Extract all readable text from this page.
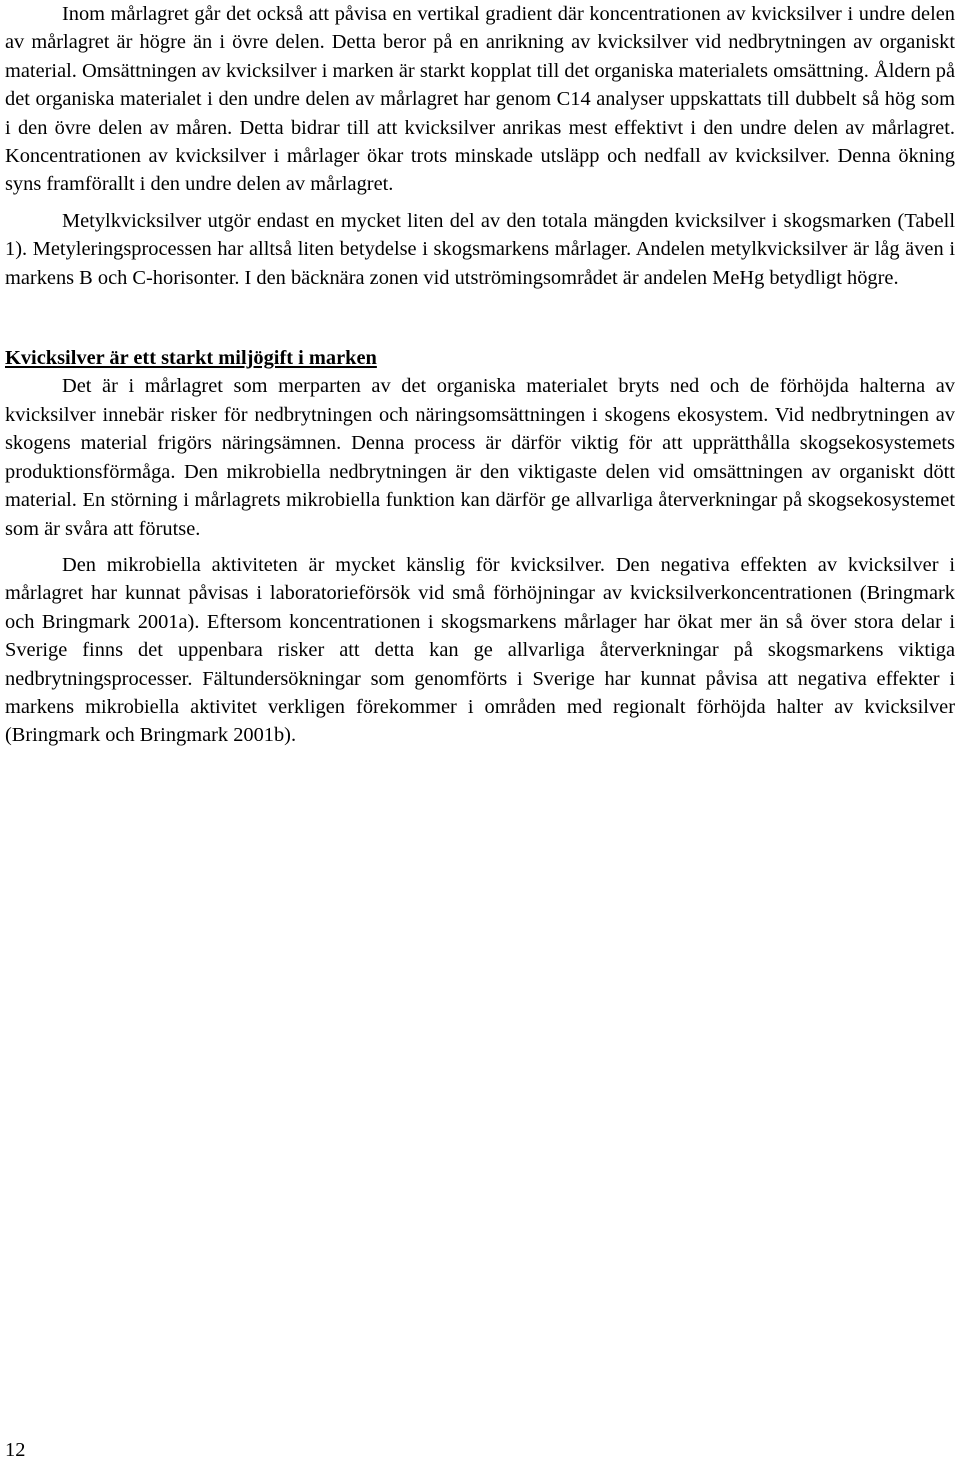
Inom mårlagret går det också att påvisa en vertikal gradient där koncentrationen av kvicksilver i undre delen av mårlagret är högre än i övre delen. Detta beror på en anrikning av kvicksilver vid nedbrytningen av organiskt material. Omsättningen av kvicksilver i marken är starkt kopplat till det organiska materialets omsättning. Åldern på det organiska materialet i den undre delen av mårlagret har genom C14 analyser uppskattats till dubbelt så hög som i den övre delen av måren. Detta bidrar till att kvicksilver anrikas mest effektivt i den undre delen av mårlagret. Koncentrationen av kvicksilver i mårlager ökar trots minskade utsläpp och nedfall av kvicksilver. Denna ökning syns framförallt i den undre delen av mårlagret.

Metylkvicksilver utgör endast en mycket liten del av den totala mängden kvicksilver i skogsmarken (Tabell 1). Metyleringsprocessen har alltså liten betydelse i skogsmarkens mårlager. Andelen metylkvicksilver är låg även i markens B och C-horisonter. I den bäcknära zonen vid utströmingsområdet är andelen MeHg betydligt högre.

Kvicksilver är ett starkt miljögift i marken

Det är i mårlagret som merparten av det organiska materialet bryts ned och de förhöjda halterna av kvicksilver innebär risker för nedbrytningen och näringsomsättningen i skogens ekosystem. Vid nedbrytningen av skogens material frigörs näringsämnen. Denna process är därför viktig för att upprätthålla skogsekosystemets produktionsförmåga. Den mikrobiella nedbrytningen är den viktigaste delen vid omsättningen av organiskt dött material. En störning i mårlagrets mikrobiella funktion kan därför ge allvarliga återverkningar på skogsekosystemet som är svåra att förutse.

Den mikrobiella aktiviteten är mycket känslig för kvicksilver. Den negativa effekten av kvicksilver i mårlagret har kunnat påvisas i laboratorieförsök vid små förhöjningar av kvicksilverkoncentrationen (Bringmark och Bringmark 2001a). Eftersom koncentrationen i skogsmarkens mårlager har ökat mer än så över stora delar i Sverige finns det uppenbara risker att detta kan ge allvarliga återverkningar på skogsmarkens viktiga nedbrytningsprocesser. Fältundersökningar som genomförts i Sverige har kunnat påvisa att negativa effekter i markens mikrobiella aktivitet verkligen förekommer i områden med regionalt förhöjda halter av kvicksilver (Bringmark och Bringmark 2001b).

12
